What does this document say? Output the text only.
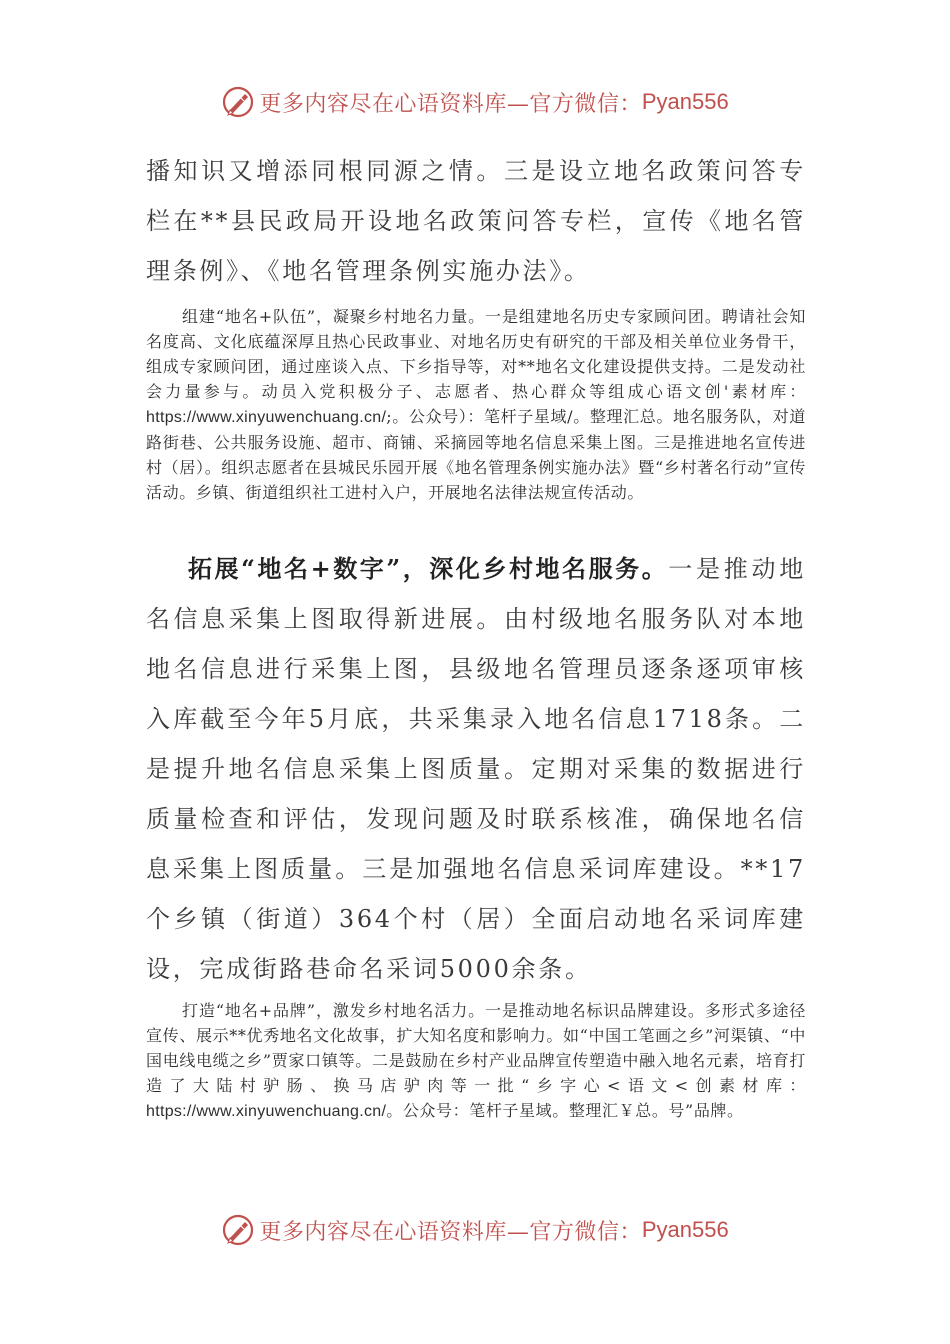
更多内容尽在心语资料库—官方微信： Pyan556

播知识又增添同根同源之情。三是设立地名政策问答专栏在**县民政局开设地名政策问答专栏，宣传《地名管理条例》、《地名管理条例实施办法》。

组建“地名+队伍”，凝聚乡村地名力量。一是组建地名历史专家顾问团。聘请社会知名度高、文化底蕴深厚且热心民政事业、对地名历史有研究的干部及相关单位业务骨干，组成专家顾问团，通过座谈入点、下乡指导等，对**地名文化建设提供支持。二是发动社会力量参与。动员入党积极分子、志愿者、热心群众等组成心语文创'素材库：https://www.xinyuwenchuang.cn/;。公众号）：笔杆子星域/。整理汇总。地名服务队，对道路街巷、公共服务设施、超市、商铺、采摘园等地名信息采集上图。三是推进地名宣传进村（居）。组织志愿者在县城民乐园开展《地名管理条例实施办法》暨“乡村著名行动”宣传活动。乡镇、街道组织社工进村入户，开展地名法律法规宣传活动。

拓展“地名+数字”，深化乡村地名服务。一是推动地名信息采集上图取得新进展。由村级地名服务队对本地地名信息进行采集上图，县级地名管理员逐条逐项审核入库截至今年5月底，共采集录入地名信息1718条。二是提升地名信息采集上图质量。定期对采集的数据进行质量检查和评估，发现问题及时联系核准，确保地名信息采集上图质量。三是加强地名信息采词库建设。**17个乡镇（街道）364个村（居）全面启动地名采词库建设，完成街路巷命名采词5000余条。

打造“地名+品牌”，激发乡村地名活力。一是推动地名标识品牌建设。多形式多途径宣传、展示**优秀地名文化故事，扩大知名度和影响力。如“中国工笔画之乡”河渠镇、“中国电线电缆之乡”贾家口镇等。二是鼓励在乡村产业品牌宣传塑造中融入地名元素，培育打造了大陆村驴肠、换马店驴肉等一批“乡字心<语文<创素材库：https://www.xinyuwenchuang.cn/。公众号：笔杆子星域。整理汇￥总。号”品牌。

更多内容尽在心语资料库—官方微信： Pyan556
